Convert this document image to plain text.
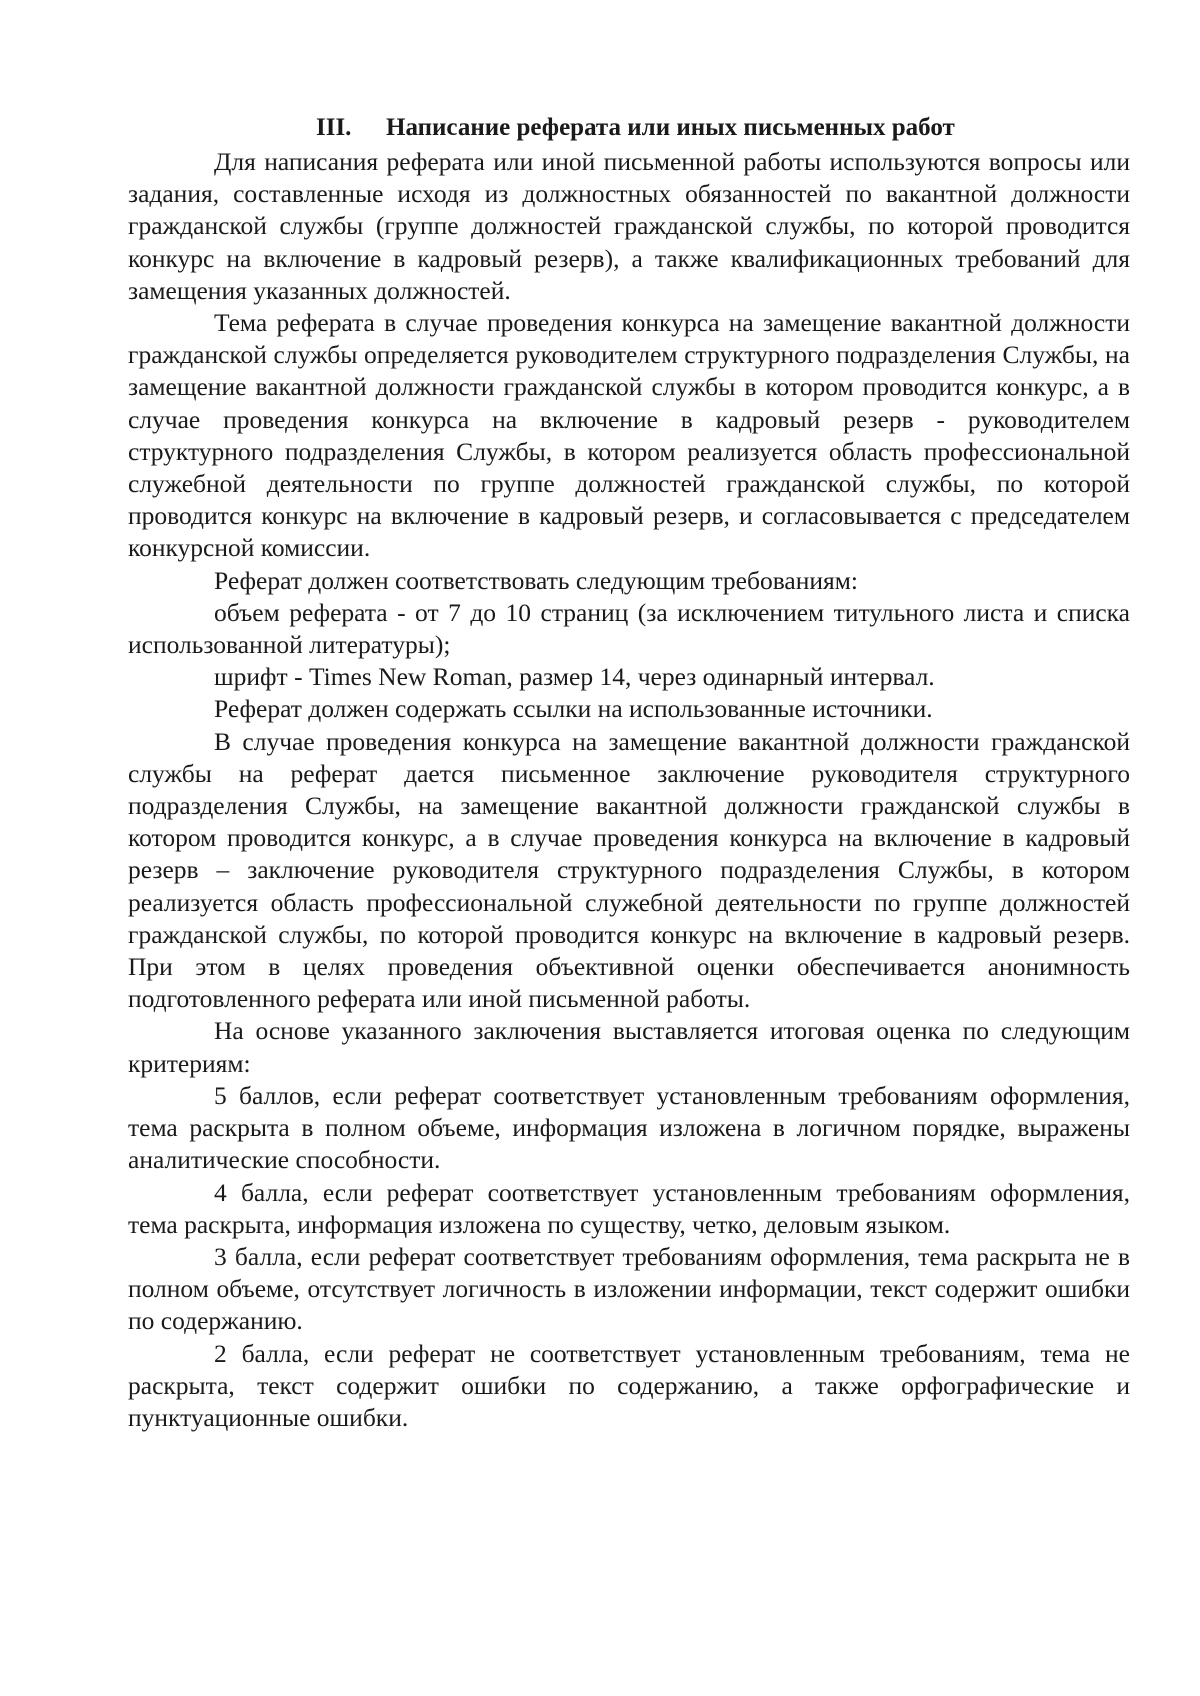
III. Написание реферата или иных письменных работ

Для написания реферата или иной письменной работы используются вопросы или задания, составленные исходя из должностных обязанностей по вакантной должности гражданской службы (группе должностей гражданской службы, по которой проводится конкурс на включение в кадровый резерв), а также квалификационных требований для замещения указанных должностей.

Тема реферата в случае проведения конкурса на замещение вакантной должности гражданской службы определяется руководителем структурного подразделения Службы, на замещение вакантной должности гражданской службы в котором проводится конкурс, а в случае проведения конкурса на включение в кадровый резерв - руководителем структурного подразделения Службы, в котором реализуется область профессиональной служебной деятельности по группе должностей гражданской службы, по которой проводится конкурс на включение в кадровый резерв, и согласовывается с председателем конкурсной комиссии.

Реферат должен соответствовать следующим требованиям:

объем реферата - от 7 до 10 страниц (за исключением титульного листа и списка использованной литературы);

шрифт - Times New Roman, размер 14, через одинарный интервал.

Реферат должен содержать ссылки на использованные источники.

В случае проведения конкурса на замещение вакантной должности гражданской службы на реферат дается письменное заключение руководителя структурного подразделения Службы, на замещение вакантной должности гражданской службы в котором проводится конкурс, а в случае проведения конкурса на включение в кадровый резерв – заключение руководителя структурного подразделения Службы, в котором реализуется область профессиональной служебной деятельности по группе должностей гражданской службы, по которой проводится конкурс на включение в кадровый резерв. При этом в целях проведения объективной оценки обеспечивается анонимность подготовленного реферата или иной письменной работы.

На основе указанного заключения выставляется итоговая оценка по следующим критериям:

5 баллов, если реферат соответствует установленным требованиям оформления, тема раскрыта в полном объеме, информация изложена в логичном порядке, выражены аналитические способности.

4 балла, если реферат соответствует установленным требованиям оформления, тема раскрыта, информация изложена по существу, четко, деловым языком.

3 балла, если реферат соответствует требованиям оформления, тема раскрыта не в полном объеме, отсутствует логичность в изложении информации, текст содержит ошибки по содержанию.

2 балла, если реферат не соответствует установленным требованиям, тема не раскрыта, текст содержит ошибки по содержанию, а также орфографические и пунктуационные ошибки.
